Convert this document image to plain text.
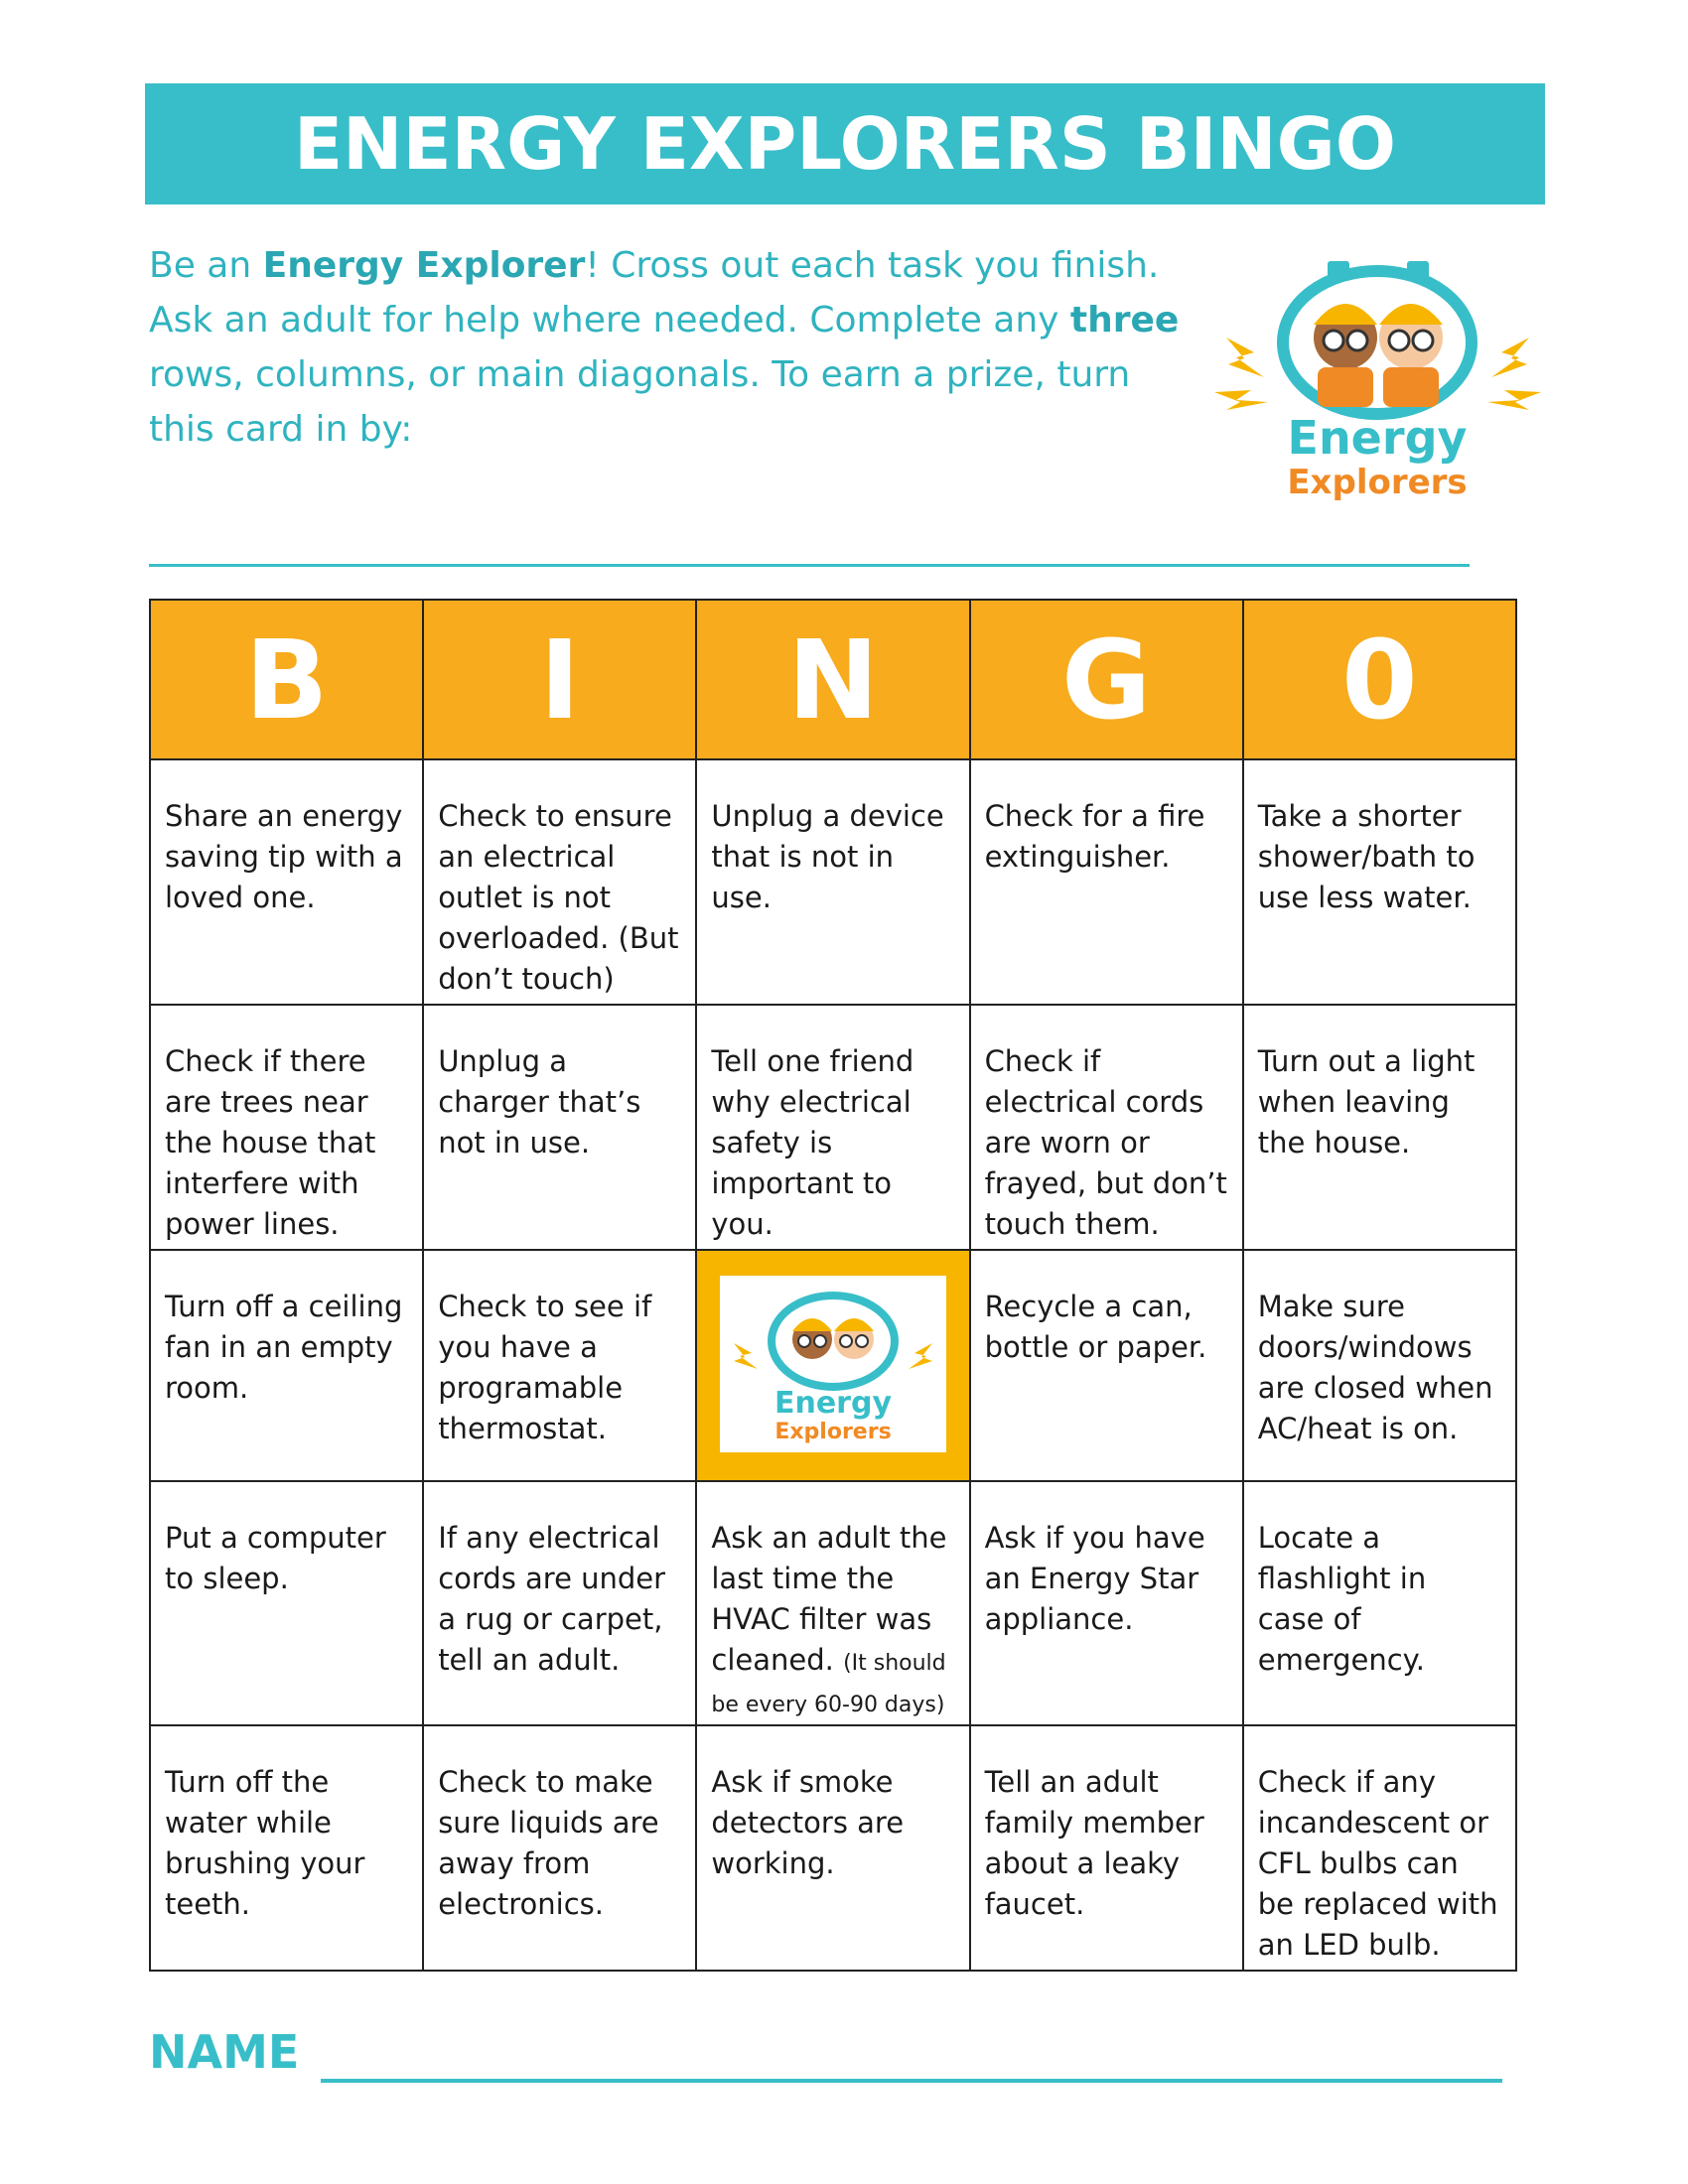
ENERGY EXPLORERS BINGO
Be an Energy Explorer! Cross out each task you finish. Ask an adult for help where needed. Complete any three rows, columns, or main diagonals. To earn a prize, turn this card in by:	Energy
Explorers
B	I	N	G	0

Share an energy saving tip with a loved one.	Check to ensure an electrical outlet is not overloaded. (But don’t touch)	Unplug a device that is not in use.	Check for a fire extinguisher.	Take a shorter shower/bath to use less water.

Check if there are trees near the house that interfere with power lines.	Unplug a charger that’s not in use.	Tell one friend why electrical safety is important to you.	Check if electrical cords are worn or frayed, but don’t touch them.	Turn out a light when leaving the house.

Turn off a ceiling fan in an empty room.	Check to see if you have a programable thermostat.	Energy
Explorers	Recycle a can, bottle or paper.	Make sure doors/windows are closed when AC/heat is on.

Put a computer to sleep.	If any electrical cords are under a rug or carpet, tell an adult.	Ask an adult the last time the HVAC filter was cleaned. (It should be every 60-90 days)	Ask if you have an Energy Star appliance.	Locate a flashlight in case of emergency.

Turn off the water while brushing your teeth.	Check to make sure liquids are away from electronics.	Ask if smoke detectors are working.	Tell an adult family member about a leaky faucet.	Check if any incandescent or CFL bulbs can be replaced with an LED bulb.
NAME
